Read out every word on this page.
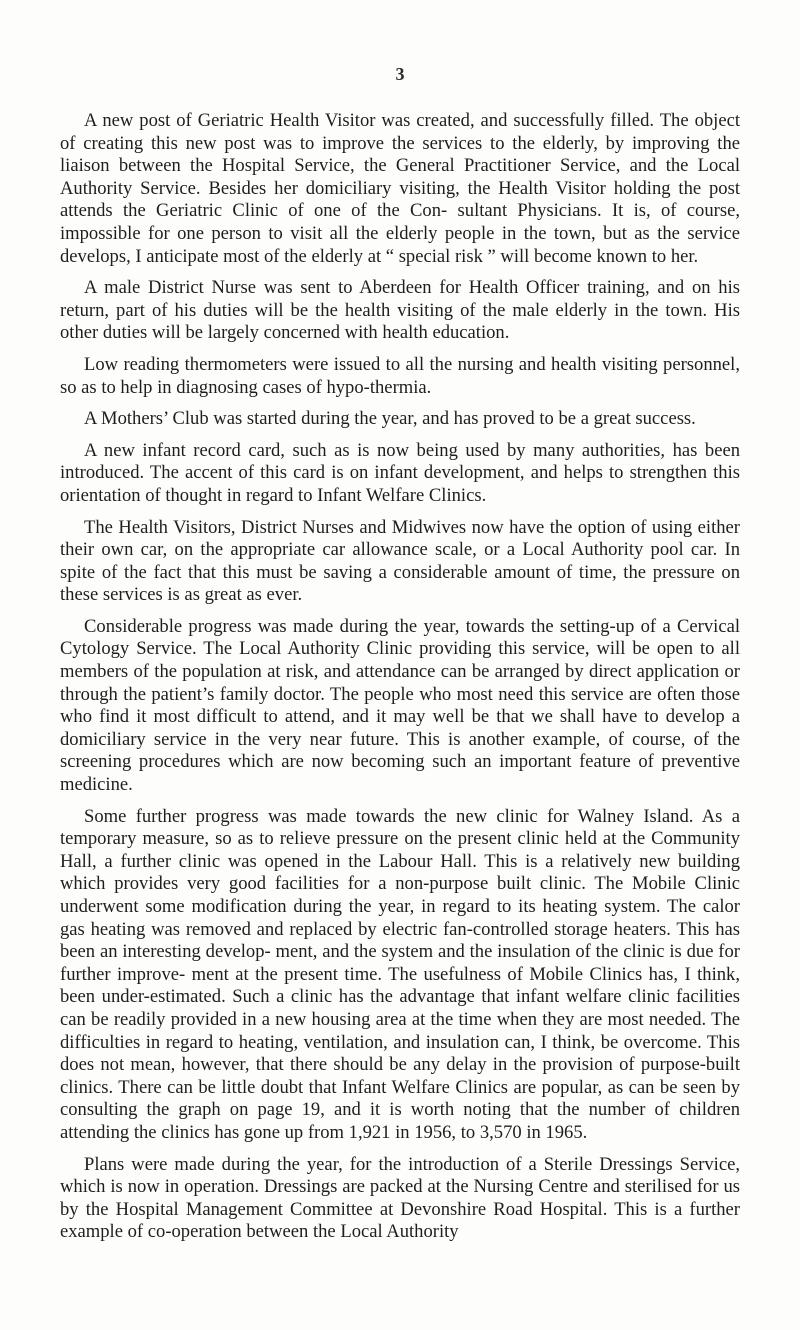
3

A new post of Geriatric Health Visitor was created, and successfully filled. The object of creating this new post was to improve the services to the elderly, by improving the liaison between the Hospital Service, the General Practitioner Service, and the Local Authority Service. Besides her domiciliary visiting, the Health Visitor holding the post attends the Geriatric Clinic of one of the Con- sultant Physicians. It is, of course, impossible for one person to visit all the elderly people in the town, but as the service develops, I anticipate most of the elderly at “ special risk ” will become known to her.

A male District Nurse was sent to Aberdeen for Health Officer training, and on his return, part of his duties will be the health visiting of the male elderly in the town. His other duties will be largely concerned with health education.

Low reading thermometers were issued to all the nursing and health visiting personnel, so as to help in diagnosing cases of hypo-thermia.

A Mothers’ Club was started during the year, and has proved to be a great success.

A new infant record card, such as is now being used by many authorities, has been introduced. The accent of this card is on infant development, and helps to strengthen this orientation of thought in regard to Infant Welfare Clinics.

The Health Visitors, District Nurses and Midwives now have the option of using either their own car, on the appropriate car allowance scale, or a Local Authority pool car. In spite of the fact that this must be saving a considerable amount of time, the pressure on these services is as great as ever.

Considerable progress was made during the year, towards the setting-up of a Cervical Cytology Service. The Local Authority Clinic providing this service, will be open to all members of the population at risk, and attendance can be arranged by direct application or through the patient’s family doctor. The people who most need this service are often those who find it most difficult to attend, and it may well be that we shall have to develop a domiciliary service in the very near future. This is another example, of course, of the screening procedures which are now becoming such an important feature of preventive medicine.

Some further progress was made towards the new clinic for Walney Island. As a temporary measure, so as to relieve pressure on the present clinic held at the Community Hall, a further clinic was opened in the Labour Hall. This is a relatively new building which provides very good facilities for a non-purpose built clinic. The Mobile Clinic underwent some modification during the year, in regard to its heating system. The calor gas heating was removed and replaced by electric fan-controlled storage heaters. This has been an interesting develop- ment, and the system and the insulation of the clinic is due for further improve- ment at the present time. The usefulness of Mobile Clinics has, I think, been under-estimated. Such a clinic has the advantage that infant welfare clinic facilities can be readily provided in a new housing area at the time when they are most needed. The difficulties in regard to heating, ventilation, and insulation can, I think, be overcome. This does not mean, however, that there should be any delay in the provision of purpose-built clinics. There can be little doubt that Infant Welfare Clinics are popular, as can be seen by consulting the graph on page 19, and it is worth noting that the number of children attending the clinics has gone up from 1,921 in 1956, to 3,570 in 1965.

Plans were made during the year, for the introduction of a Sterile Dressings Service, which is now in operation. Dressings are packed at the Nursing Centre and sterilised for us by the Hospital Management Committee at Devonshire Road Hospital. This is a further example of co-operation between the Local Authority
